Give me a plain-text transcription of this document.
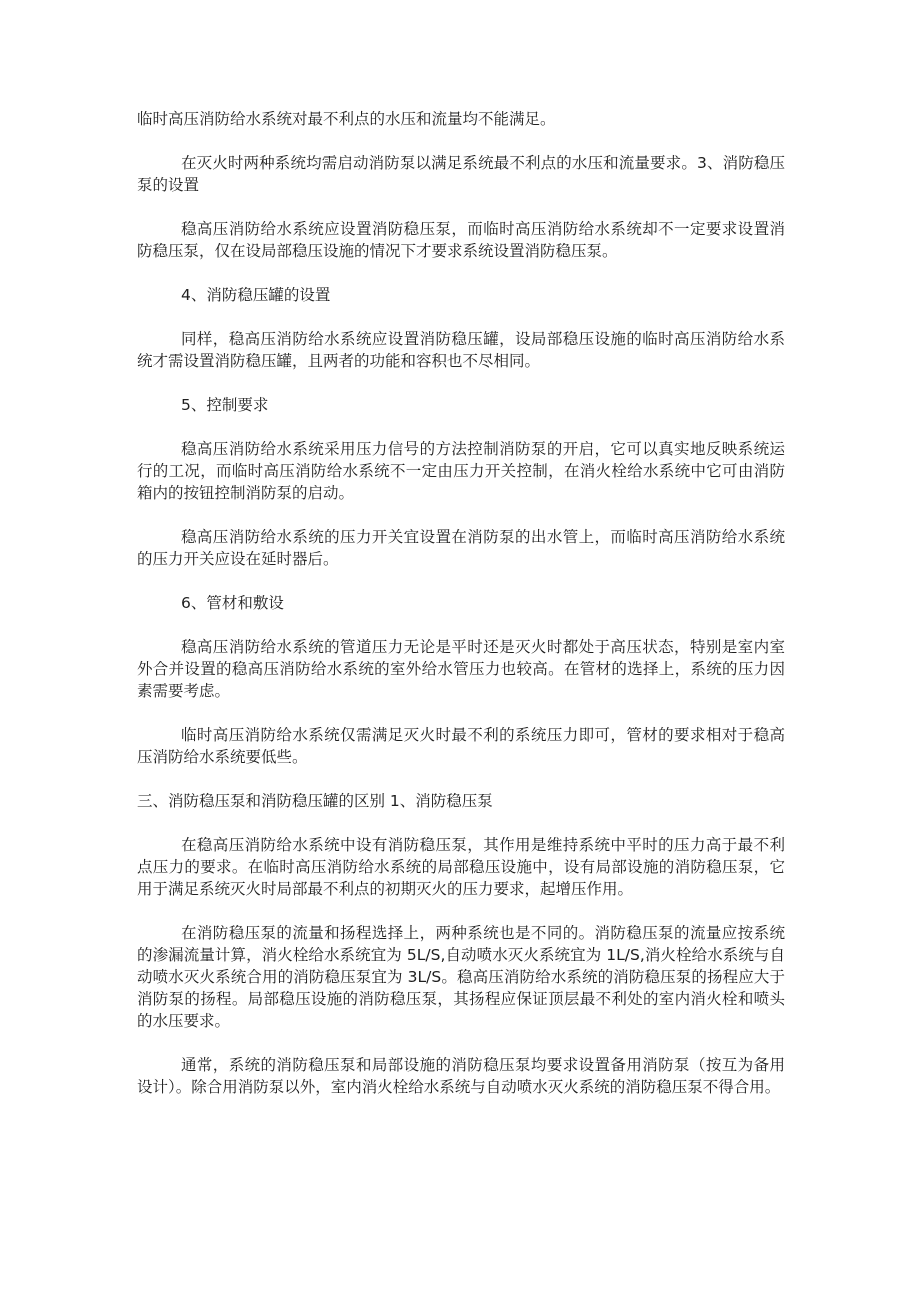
临时高压消防给水系统对最不利点的水压和流量均不能满足。

在灭火时两种系统均需启动消防泵以满足系统最不利点的水压和流量要求。3、消防稳压泵的设置

稳高压消防给水系统应设置消防稳压泵，而临时高压消防给水系统却不一定要求设置消防稳压泵，仅在设局部稳压设施的情况下才要求系统设置消防稳压泵。

4、消防稳压罐的设置

同样，稳高压消防给水系统应设置消防稳压罐，设局部稳压设施的临时高压消防给水系统才需设置消防稳压罐，且两者的功能和容积也不尽相同。

5、控制要求

稳高压消防给水系统采用压力信号的方法控制消防泵的开启，它可以真实地反映系统运行的工况，而临时高压消防给水系统不一定由压力开关控制，在消火栓给水系统中它可由消防箱内的按钮控制消防泵的启动。

稳高压消防给水系统的压力开关宜设置在消防泵的出水管上，而临时高压消防给水系统的压力开关应设在延时器后。

6、管材和敷设

稳高压消防给水系统的管道压力无论是平时还是灭火时都处于高压状态，特别是室内室外合并设置的稳高压消防给水系统的室外给水管压力也较高。在管材的选择上，系统的压力因素需要考虑。

临时高压消防给水系统仅需满足灭火时最不利的系统压力即可，管材的要求相对于稳高压消防给水系统要低些。

三、消防稳压泵和消防稳压罐的区别 1、消防稳压泵

在稳高压消防给水系统中设有消防稳压泵，其作用是维持系统中平时的压力高于最不利点压力的要求。在临时高压消防给水系统的局部稳压设施中，设有局部设施的消防稳压泵，它用于满足系统灭火时局部最不利点的初期灭火的压力要求，起增压作用。

在消防稳压泵的流量和扬程选择上，两种系统也是不同的。消防稳压泵的流量应按系统的渗漏流量计算，消火栓给水系统宜为 5L/S,自动喷水灭火系统宜为 1L/S,消火栓给水系统与自动喷水灭火系统合用的消防稳压泵宜为 3L/S。稳高压消防给水系统的消防稳压泵的扬程应大于消防泵的扬程。局部稳压设施的消防稳压泵，其扬程应保证顶层最不利处的室内消火栓和喷头的水压要求。

通常，系统的消防稳压泵和局部设施的消防稳压泵均要求设置备用消防泵（按互为备用设计）。除合用消防泵以外，室内消火栓给水系统与自动喷水灭火系统的消防稳压泵不得合用。
